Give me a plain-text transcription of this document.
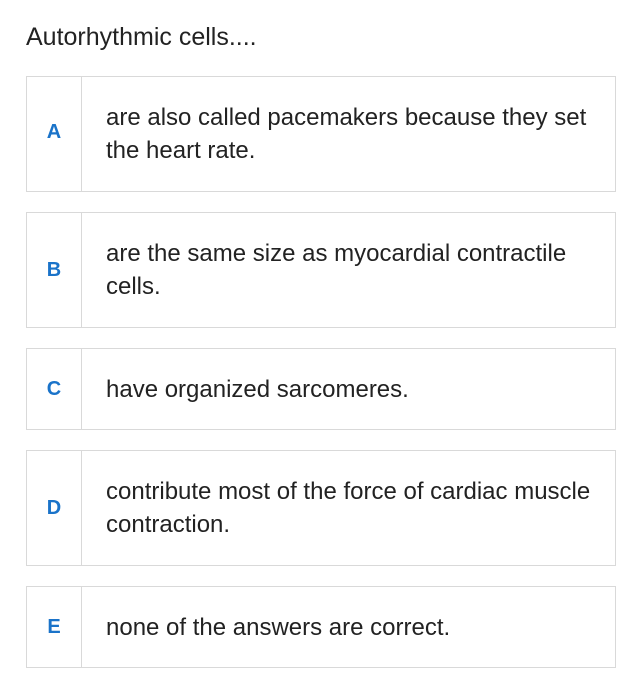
Autorhythmic cells....
A
are also called pacemakers because they set the heart rate.
B
are the same size as myocardial contractile cells.
C	have organized sarcomeres.
D
contribute most of the force of cardiac muscle contraction.
E	none of the answers are correct.
